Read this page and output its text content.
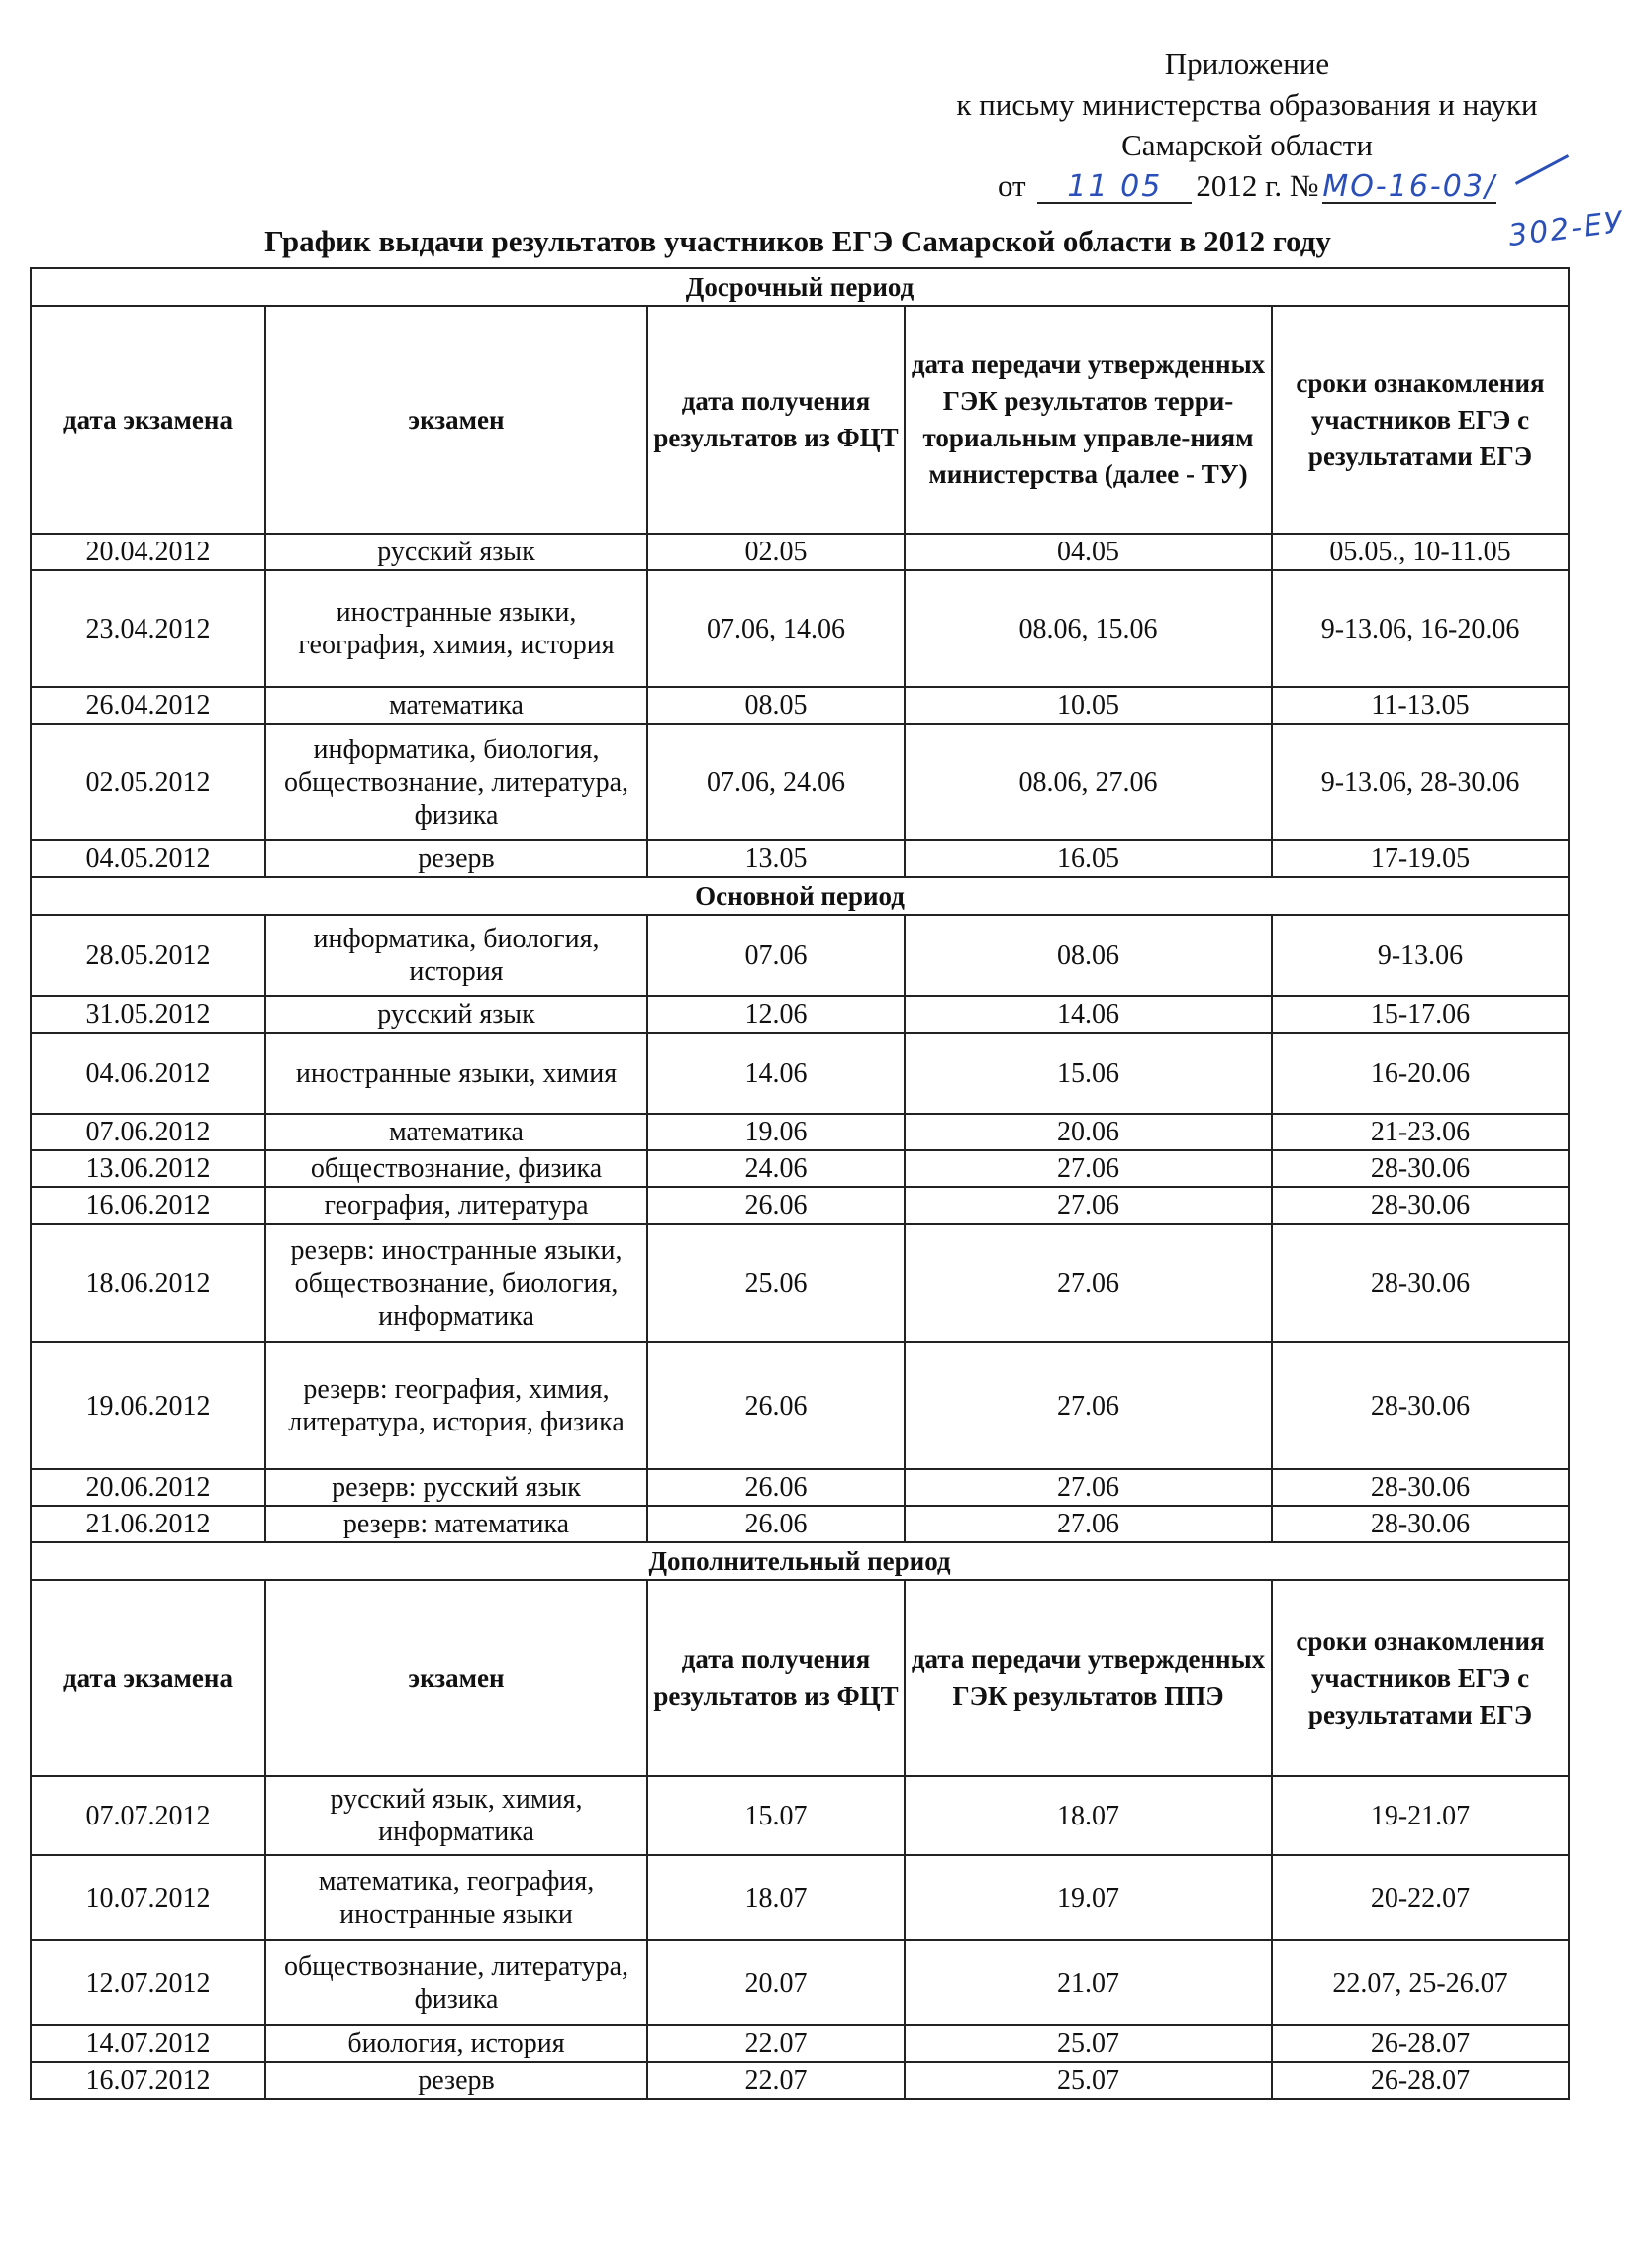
Приложение
к письму министерства образования и науки
Самарской области
от 11 05 2012 г. № МО-16-03/
302-ЕУ
График выдачи результатов участников ЕГЭ Самарской области в 2012 году
Досрочный период				
дата экзамена	экзамен	дата получения результатов из ФЦТ	дата передачи утвержденных ГЭК результатов терри-ториальным управле-ниям министерства (далее - ТУ)	сроки ознакомления участников ЕГЭ с результатами ЕГЭ
20.04.2012	русский язык	02.05	04.05	05.05., 10-11.05
23.04.2012	иностранные языки, география, химия, история	07.06, 14.06	08.06, 15.06	9-13.06, 16-20.06
26.04.2012	математика	08.05	10.05	11-13.05
02.05.2012	информатика, биология, обществознание, литература, физика	07.06, 24.06	08.06, 27.06	9-13.06, 28-30.06
04.05.2012	резерв	13.05	16.05	17-19.05
Основной период				
28.05.2012	информатика, биология, история	07.06	08.06	9-13.06
31.05.2012	русский язык	12.06	14.06	15-17.06
04.06.2012	иностранные языки, химия	14.06	15.06	16-20.06
07.06.2012	математика	19.06	20.06	21-23.06
13.06.2012	обществознание, физика	24.06	27.06	28-30.06
16.06.2012	география, литература	26.06	27.06	28-30.06
18.06.2012	резерв: иностранные языки, обществознание, биология, информатика	25.06	27.06	28-30.06
19.06.2012	резерв: география, химия, литература, история, физика	26.06	27.06	28-30.06
20.06.2012	резерв: русский язык	26.06	27.06	28-30.06
21.06.2012	резерв: математика	26.06	27.06	28-30.06
Дополнительный период				
дата экзамена	экзамен	дата получения результатов из ФЦТ	дата передачи утвержденных ГЭК результатов ППЭ	сроки ознакомления участников ЕГЭ с результатами ЕГЭ
07.07.2012	русский язык, химия, информатика	15.07	18.07	19-21.07
10.07.2012	математика, география, иностранные языки	18.07	19.07	20-22.07
12.07.2012	обществознание, литература, физика	20.07	21.07	22.07, 25-26.07
14.07.2012	биология, история	22.07	25.07	26-28.07
16.07.2012	резерв	22.07	25.07	26-28.07
